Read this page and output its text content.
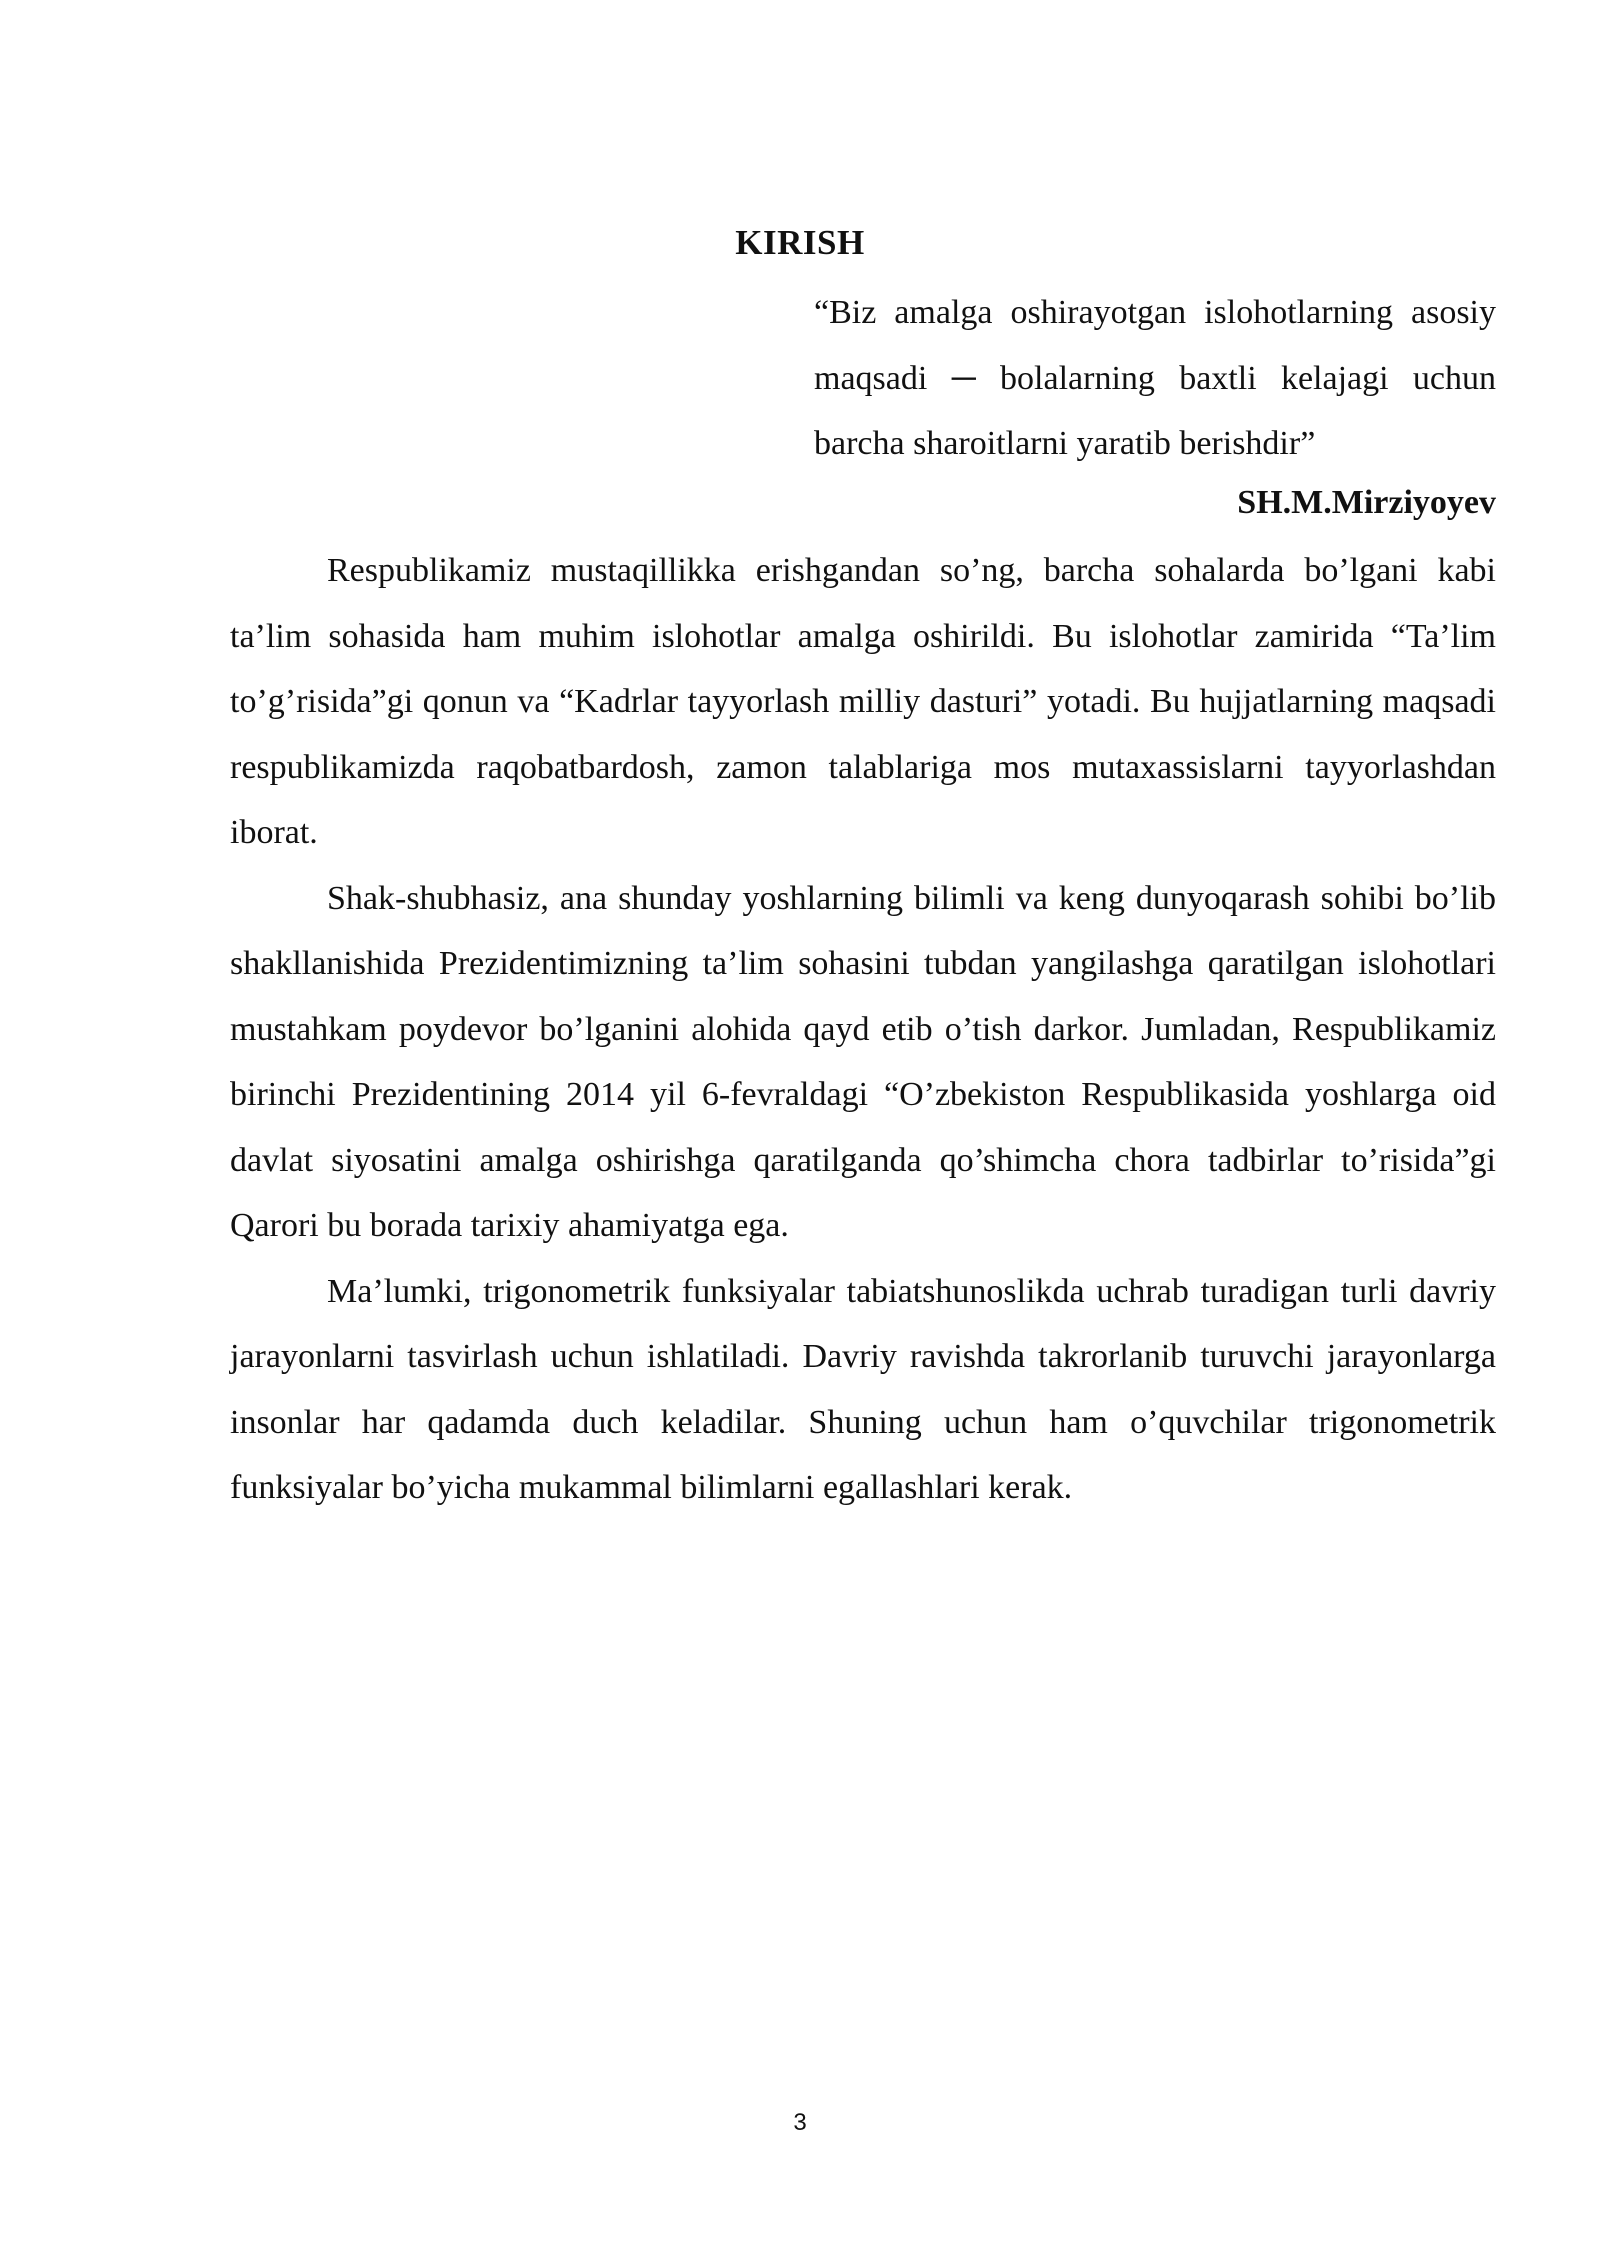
KIRISH

“Biz amalga oshirayotgan islohotlarning asosiy maqsadi ─ bolalarning baxtli kelajagi uchun barcha sharoitlarni yaratib berishdir”

SH.M.Mirziyoyev

Respublikamiz mustaqillikka erishgandan so’ng, barcha sohalarda bo’lgani kabi ta’lim sohasida ham muhim islohotlar amalga oshirildi. Bu islohotlar zamirida “Ta’lim to’g’risida”gi qonun va “Kadrlar tayyorlash milliy dasturi” yotadi. Bu hujjatlarning maqsadi respublikamizda raqobatbardosh, zamon talablariga mos mutaxassislarni tayyorlashdan iborat.

Shak-shubhasiz, ana shunday yoshlarning bilimli va keng dunyoqarash sohibi bo’lib shakllanishida Prezidentimizning ta’lim sohasini tubdan yangilashga qaratilgan islohotlari mustahkam poydevor bo’lganini alohida qayd etib o’tish darkor. Jumladan, Respublikamiz birinchi Prezidentining 2014 yil 6-fevraldagi “O’zbekiston Respublikasida yoshlarga oid davlat siyosatini amalga oshirishga qaratilganda qo’shimcha chora tadbirlar to’risida”gi Qarori bu borada tarixiy ahamiyatga ega.

Ma’lumki, trigonometrik funksiyalar tabiatshunoslikda uchrab turadigan turli davriy jarayonlarni tasvirlash uchun ishlatiladi. Davriy ravishda takrorlanib turuvchi jarayonlarga insonlar har qadamda duch keladilar. Shuning uchun ham o’quvchilar trigonometrik funksiyalar bo’yicha mukammal bilimlarni egallashlari kerak.

3
